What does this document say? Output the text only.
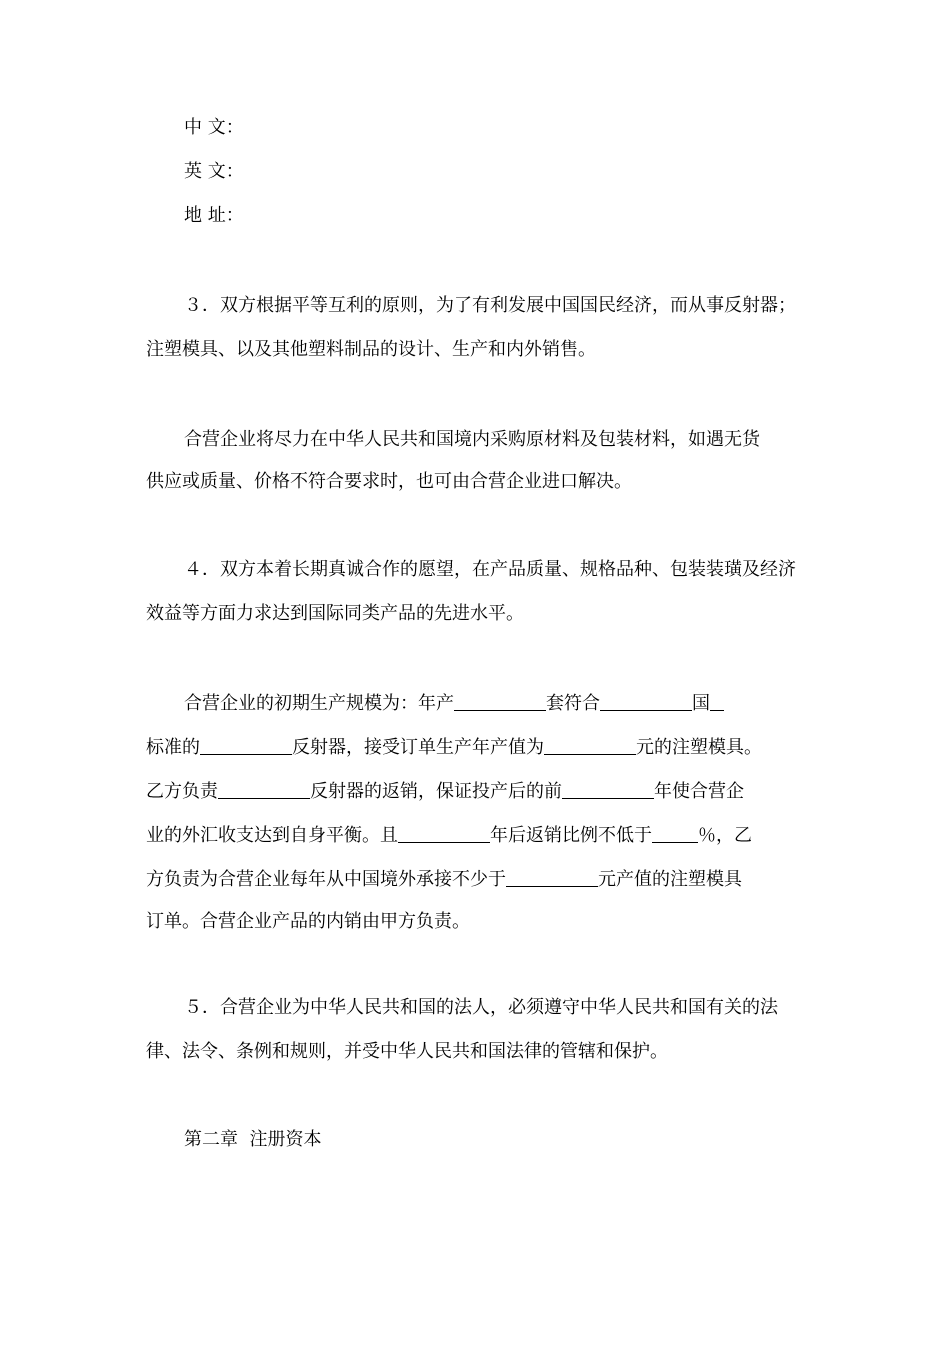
中 文：

英 文：

地 址：

３．双方根据平等互利的原则，为了有利发展中国国民经济，而从事反射器；

注塑模具、以及其他塑料制品的设计、生产和内外销售。

合营企业将尽力在中华人民共和国境内采购原材料及包装材料，如遇无货

供应或质量、价格不符合要求时，也可由合营企业进口解决。

４．双方本着长期真诚合作的愿望，在产品质量、规格品种、包装装璜及经济

效益等方面力求达到国际同类产品的先进水平。

合营企业的初期生产规模为：年产	套符合	国

标准的	反射器，接受订单生产年产值为	元的注塑模具。

乙方负责	反射器的返销，保证投产后的前	年使合营企

业的外汇收支达到自身平衡。且	年后返销比例不低于	％，乙

方负责为合营企业每年从中国境外承接不少于	元产值的注塑模具

订单。合营企业产品的内销由甲方负责。

５．合营企业为中华人民共和国的法人，必须遵守中华人民共和国有关的法

律、法令、条例和规则，并受中华人民共和国法律的管辖和保护。

第二章  注册资本
